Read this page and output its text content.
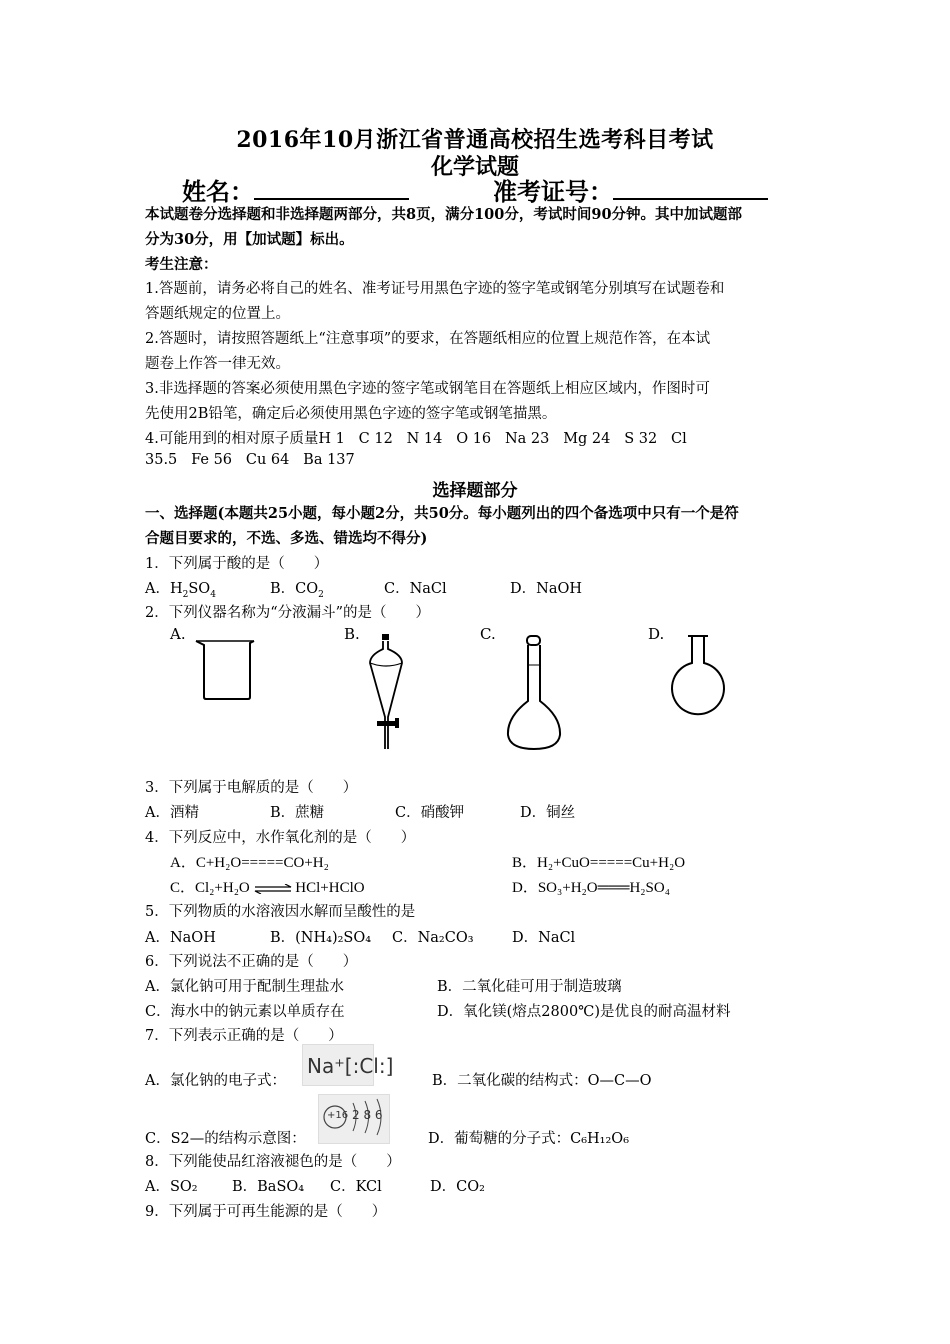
2016年10月浙江省普通高校招生选考科目考试
化学试题
姓名：	准考证号：
本试题卷分选择题和非选择题两部分，共8页，满分100分，考试时间90分钟。其中加试题部
分为30分，用【加试题】标出。
考生注意：
1.答题前，请务必将自己的姓名、准考证号用黑色字迹的签字笔或钢笔分别填写在试题卷和
答题纸规定的位置上。
2.答题时，请按照答题纸上“注意事项”的要求，在答题纸相应的位置上规范作答，在本试
题卷上作答一律无效。
3.非选择题的答案必须使用黑色字迹的签字笔或钢笔目在答题纸上相应区域内，作图时可
先使用2B铅笔，确定后必须使用黑色字迹的签字笔或钢笔描黑。
4.可能用到的相对原子质量H 1   C 12   N 14   O 16   Na 23   Mg 24   S 32   Cl
35.5   Fe 56   Cu 64   Ba 137
选择题部分
一、选择题(本题共25小题，每小题2分，共50分。每小题列出的四个备选项中只有一个是符
合题目要求的，不选、多选、错选均不得分)
1．下列属于酸的是（　　）
A．$H_2SO_4$	B．$CO_2$	C．NaCl	D．NaOH
2．下列仪器名称为“分液漏斗”的是（　　）
A.	B.	C.	D.
3．下列属于电解质的是（　　）
A．酒精	B．蔗糖	C．硝酸钾	D．铜丝
4．下列反应中，水作氧化剂的是（　　）
A．C+H₂O=====CO+H₂	B．H₂+CuO=====Cu+H₂O
C．Cl₂+H₂O ⇌ HCl+HClO	D．SO₃+H₂O═══H₂SO₄
5．下列物质的水溶液因水解而呈酸性的是
A．NaOH	B．(NH₄)₂SO₄ C．Na₂CO₃	D．NaCl
6．下列说法不正确的是（　　）
A．氯化钠可用于配制生理盐水	B．二氧化硅可用于制造玻璃
C．海水中的钠元素以单质存在	D．氧化镁(熔点2800℃)是优良的耐高温材料
7．下列表示正确的是（　　）
A．氯化钠的电子式：
Na⁺[:Cl:]
B．二氧化碳的结构式：O—C—O
C．S2—的结构示意图：
+16 2 8 6
D．葡萄糖的分子式：C₆H₁₂O₆
8．下列能使品红溶液褪色的是（　　）
A．SO₂ B．BaSO₄ C．KCl	D．CO₂
9．下列属于可再生能源的是（　　）
